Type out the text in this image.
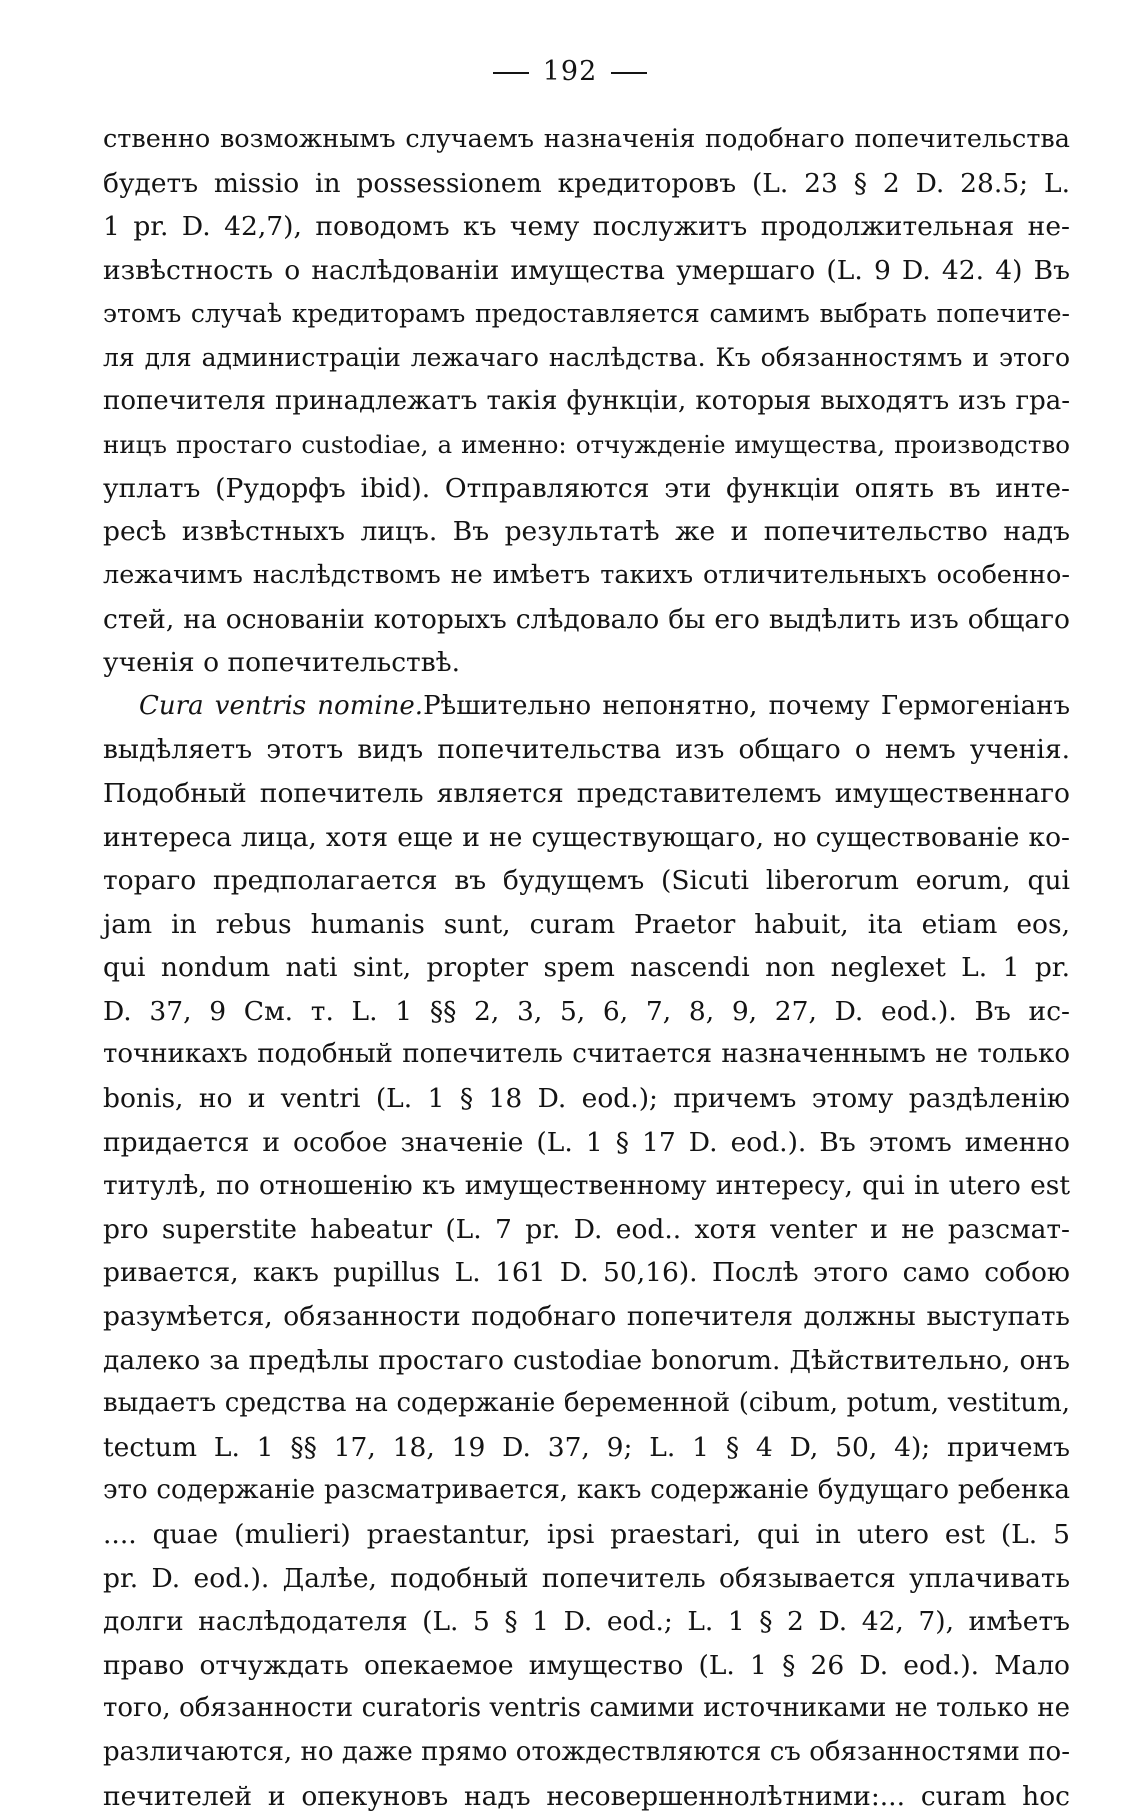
192
ственно возможнымъ случаемъ назначенія подобнаго попечительства
будетъ missio in possessionem кредиторовъ (L. 23 § 2 D. 28.5; L.
1 pr. D. 42,7), поводомъ къ чему послужитъ продолжительная не-
извѣстность о наслѣдованіи имущества умершаго (L. 9 D. 42. 4) Въ
этомъ случаѣ кредиторамъ предоставляется самимъ выбрать попечите-
ля для администраціи лежачаго наслѣдства. Къ обязанностямъ и этого
попечителя принадлежатъ такія функціи, которыя выходятъ изъ гра-
ницъ простаго custodiae, а именно: отчужденіе имущества, производство
уплатъ (Рудорфъ ibid). Отправляются эти функціи опять въ инте-
ресѣ извѣстныхъ лицъ. Въ результатѣ же и попечительство надъ
лежачимъ наслѣдствомъ не имѣетъ такихъ отличительныхъ особенно-
стей, на основаніи которыхъ слѣдовало бы его выдѣлить изъ общаго
ученія о попечительствѣ.
Cura ventris nomine.Рѣшительно непонятно, почему Гермогеніанъ
выдѣляетъ этотъ видъ попечительства изъ общаго о немъ ученія.
Подобный попечитель является представителемъ имущественнаго
интереса лица, хотя еще и не существующаго, но существованіе ко-
тораго предполагается въ будущемъ (Sicuti liberorum eorum, qui
jam in rebus humanis sunt, curam Praetor habuit, ita etiam eos,
qui nondum nati sint, propter spem nascendi non neglexet L. 1 pr.
D. 37, 9 См. т. L. 1 §§ 2, 3, 5, 6, 7, 8, 9, 27, D. eod.). Въ ис-
точникахъ подобный попечитель считается назначеннымъ не только
bonis, но и ventri (L. 1 § 18 D. eod.); причемъ этому раздѣленію
придается и особое значеніе (L. 1 § 17 D. eod.). Въ этомъ именно
титулѣ, по отношенію къ имущественному интересу, qui in utero est
pro superstite habeatur (L. 7 pr. D. eod.. хотя venter и не разсмат-
ривается, какъ pupillus L. 161 D. 50,16). Послѣ этого само собою
разумѣется, обязанности подобнаго попечителя должны выступать
далеко за предѣлы простаго custodiae bonorum. Дѣйствительно, онъ
выдаетъ средства на содержаніе беременной (cibum, potum, vestitum,
tectum L. 1 §§ 17, 18, 19 D. 37, 9; L. 1 § 4 D, 50, 4); причемъ
это содержаніе разсматривается, какъ содержаніе будущаго ребенка
.... quae (mulieri) praestantur, ipsi praestari, qui in utero est (L. 5
pr. D. eod.). Далѣе, подобный попечитель обязывается уплачивать
долги наслѣдодателя (L. 5 § 1 D. eod.; L. 1 § 2 D. 42, 7), имѣетъ
право отчуждать опекаемое имущество (L. 1 § 26 D. eod.). Мало
того, обязанности curatoris ventris самими источниками не только не
различаются, но даже прямо отождествляются съ обязанностями по-
печителей и опекуновъ надъ несовершеннолѣтними:... curam hoc
